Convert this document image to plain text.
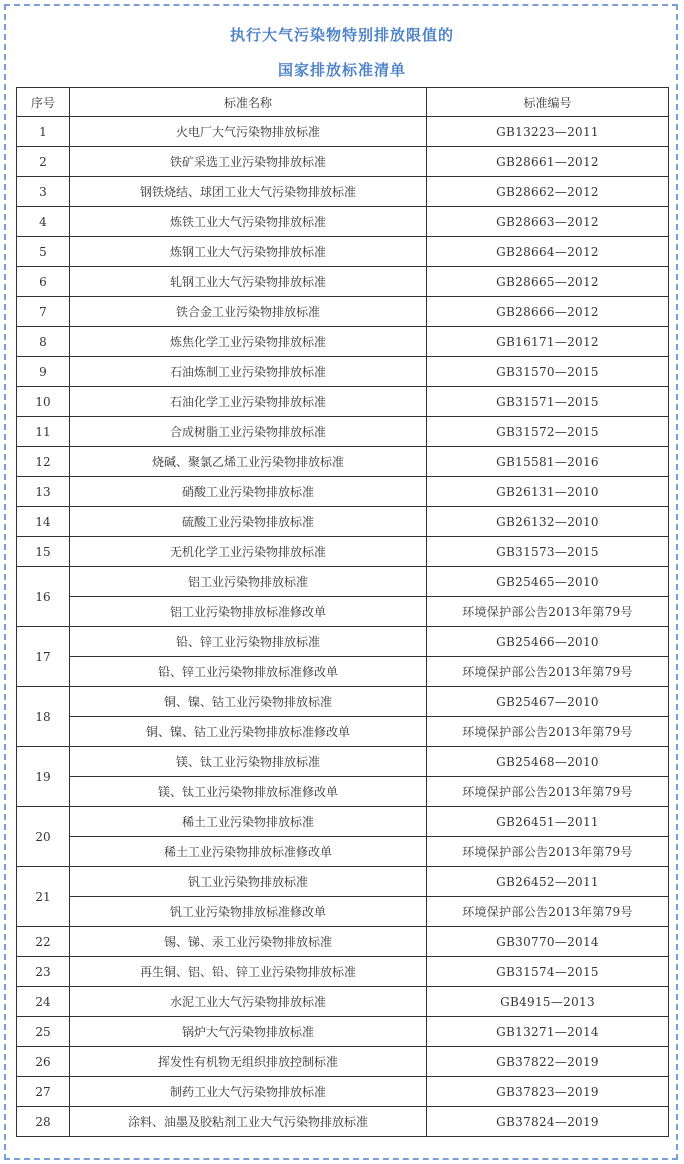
执行大气污染物特别排放限值的
国家排放标准清单
序号	标准名称	标准编号
1	火电厂大气污染物排放标准	GB13223—2011
2	铁矿采选工业污染物排放标准	GB28661—2012
3	钢铁烧结、球团工业大气污染物排放标准	GB28662—2012
4	炼铁工业大气污染物排放标准	GB28663—2012
5	炼钢工业大气污染物排放标准	GB28664—2012
6	轧钢工业大气污染物排放标准	GB28665—2012
7	铁合金工业污染物排放标准	GB28666—2012
8	炼焦化学工业污染物排放标准	GB16171—2012
9	石油炼制工业污染物排放标准	GB31570—2015
10	石油化学工业污染物排放标准	GB31571—2015
11	合成树脂工业污染物排放标准	GB31572—2015
12	烧碱、聚氯乙烯工业污染物排放标准	GB15581—2016
13	硝酸工业污染物排放标准	GB26131—2010
14	硫酸工业污染物排放标准	GB26132—2010
15	无机化学工业污染物排放标准	GB31573—2015
16	铝工业污染物排放标准	GB25465—2010
	铝工业污染物排放标准修改单	环境保护部公告2013年第79号
17	铅、锌工业污染物排放标准	GB25466—2010
	铅、锌工业污染物排放标准修改单	环境保护部公告2013年第79号
18	铜、镍、钴工业污染物排放标准	GB25467—2010
	铜、镍、钴工业污染物排放标准修改单	环境保护部公告2013年第79号
19	镁、钛工业污染物排放标准	GB25468—2010
	镁、钛工业污染物排放标准修改单	环境保护部公告2013年第79号
20	稀土工业污染物排放标准	GB26451—2011
	稀土工业污染物排放标准修改单	环境保护部公告2013年第79号
21	钒工业污染物排放标准	GB26452—2011
	钒工业污染物排放标准修改单	环境保护部公告2013年第79号
22	锡、锑、汞工业污染物排放标准	GB30770—2014
23	再生铜、铝、铅、锌工业污染物排放标准	GB31574—2015
24	水泥工业大气污染物排放标准	GB4915—2013
25	锅炉大气污染物排放标准	GB13271—2014
26	挥发性有机物无组织排放控制标准	GB37822—2019
27	制药工业大气污染物排放标准	GB37823—2019
28	涂料、油墨及胶粘剂工业大气污染物排放标准	GB37824—2019
